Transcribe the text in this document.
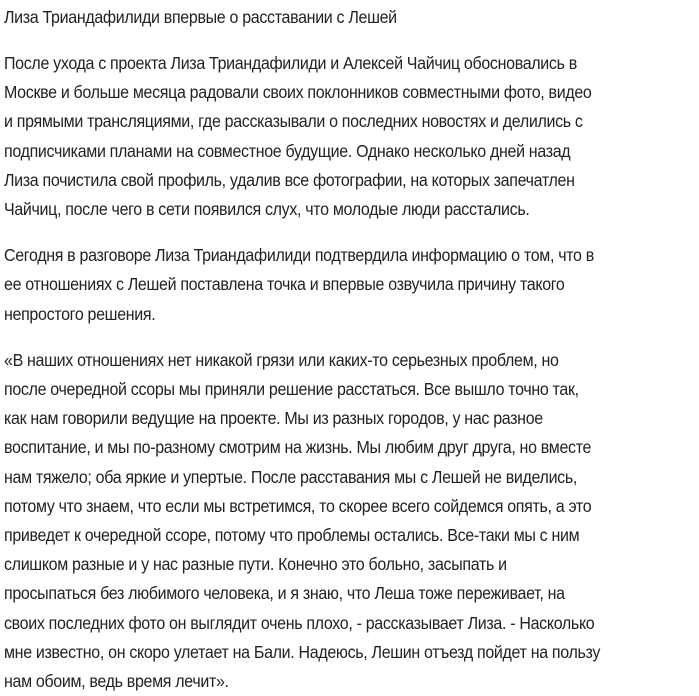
Лиза Триандафилиди впервые о расставании с Лешей

После ухода с проекта Лиза Триандафилиди и Алексей Чайчиц обосновались в
Москве и больше месяца радовали своих поклонников совместными фото, видео
и прямыми трансляциями, где рассказывали о последних новостях и делились с
подписчиками планами на совместное будущие. Однако несколько дней назад
Лиза почистила свой профиль, удалив все фотографии, на которых запечатлен
Чайчиц, после чего в сети появился слух, что молодые люди расстались.

Сегодня в разговоре Лиза Триандафилиди подтвердила информацию о том, что в
ее отношениях с Лешей поставлена точка и впервые озвучила причину такого
непростого решения.

«В наших отношениях нет никакой грязи или каких-то серьезных проблем, но
после очередной ссоры мы приняли решение расстаться. Все вышло точно так,
как нам говорили ведущие на проекте. Мы из разных городов, у нас разное
воспитание, и мы по-разному смотрим на жизнь. Мы любим друг друга, но вместе
нам тяжело; оба яркие и упертые. После расставания мы с Лешей не виделись,
потому что знаем, что если мы встретимся, то скорее всего сойдемся опять, а это
приведет к очередной ссоре, потому что проблемы остались. Все-таки мы с ним
слишком разные и у нас разные пути. Конечно это больно, засыпать и
просыпаться без любимого человека, и я знаю, что Леша тоже переживает, на
своих последних фото он выглядит очень плохо, - рассказывает Лиза. - Насколько
мне известно, он скоро улетает на Бали. Надеюсь, Лешин отъезд пойдет на пользу
нам обоим, ведь время лечит».
